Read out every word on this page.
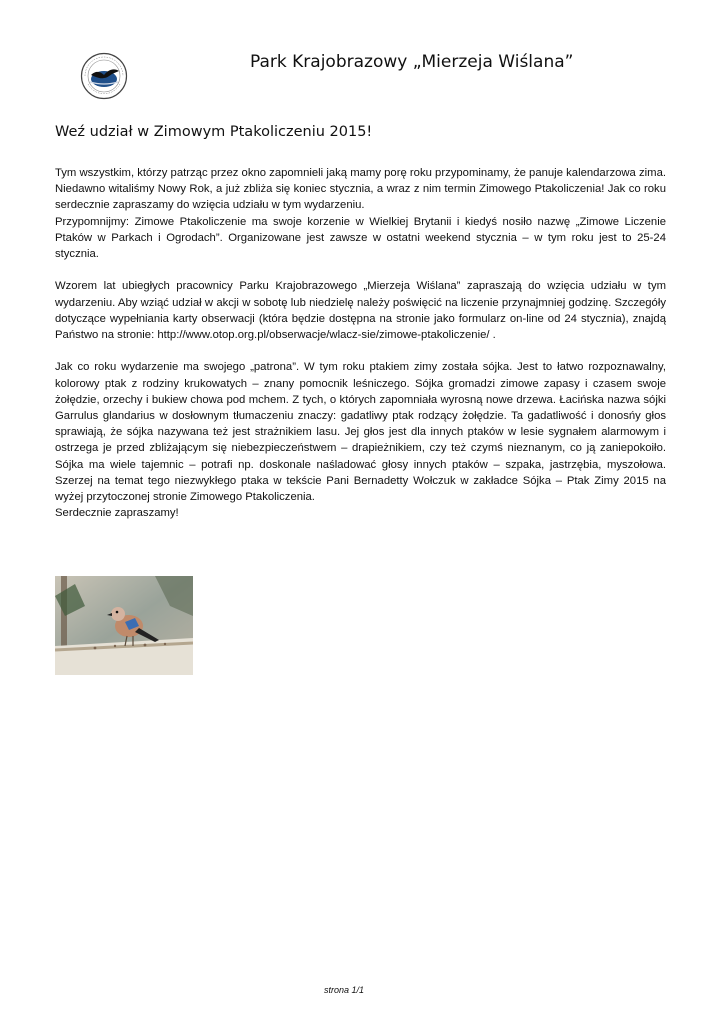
Park Krajobrazowy „Mierzeja Wiślana”
Weź udział w Zimowym Ptakoliczeniu 2015!

Tym wszystkim, którzy patrząc przez okno zapomnieli jaką mamy porę roku przypominamy, że panuje kalendarzowa zima. Niedawno witaliśmy Nowy Rok, a już zbliża się koniec stycznia, a wraz z nim termin Zimowego Ptakoliczenia! Jak co roku serdecznie zapraszamy do wzięcia udziału w tym wydarzeniu.

Przypomnijmy: Zimowe Ptakoliczenie ma swoje korzenie w Wielkiej Brytanii i kiedyś nosiło nazwę „Zimowe Liczenie Ptaków w Parkach i Ogrodach”. Organizowane jest zawsze w ostatni weekend stycznia – w tym roku jest to 25-24 stycznia.

Wzorem lat ubiegłych pracownicy Parku Krajobrazowego „Mierzeja Wiślana” zapraszają do wzięcia udziału w tym wydarzeniu. Aby wziąć udział w akcji w sobotę lub niedzielę należy poświęcić na liczenie przynajmniej godzinę. Szczegóły dotyczące wypełniania karty obserwacji (która będzie dostępna na stronie jako formularz on-line od 24 stycznia), znajdą Państwo na stronie: http://www.otop.org.pl/obserwacje/wlacz-sie/zimowe-ptakoliczenie/ .

Jak co roku wydarzenie ma swojego „patrona”. W tym roku ptakiem zimy została sójka. Jest to łatwo rozpoznawalny, kolorowy ptak z rodziny krukowatych – znany pomocnik leśniczego. Sójka gromadzi zimowe zapasy i czasem swoje żołędzie, orzechy i bukiew chowa pod mchem. Z tych, o których zapomniała wyrosną nowe drzewa. Łacińska nazwa sójki Garrulus glandarius w dosłownym tłumaczeniu znaczy: gadatliwy ptak rodzący żołędzie. Ta gadatliwość i donosńy głos sprawiają, że sójka nazywana też jest strażnikiem lasu. Jej głos jest dla innych ptaków w lesie sygnałem alarmowym i ostrzega je przed zbliżającym się niebezpieczeństwem – drapieżnikiem, czy też czymś nieznanym, co ją zaniepokoiło. Sójka ma wiele tajemnic – potrafi np. doskonale naśladować głosy innych ptaków – szpaka, jastrzębia, myszołowa. Szerzej na temat tego niezwykłego ptaka w tekście Pani Bernadetty Wołczuk w zakładce Sójka – Ptak Zimy 2015 na wyżej przytoczonej stronie Zimowego Ptakoliczenia.

Serdecznie zapraszamy!

strona 1/1
